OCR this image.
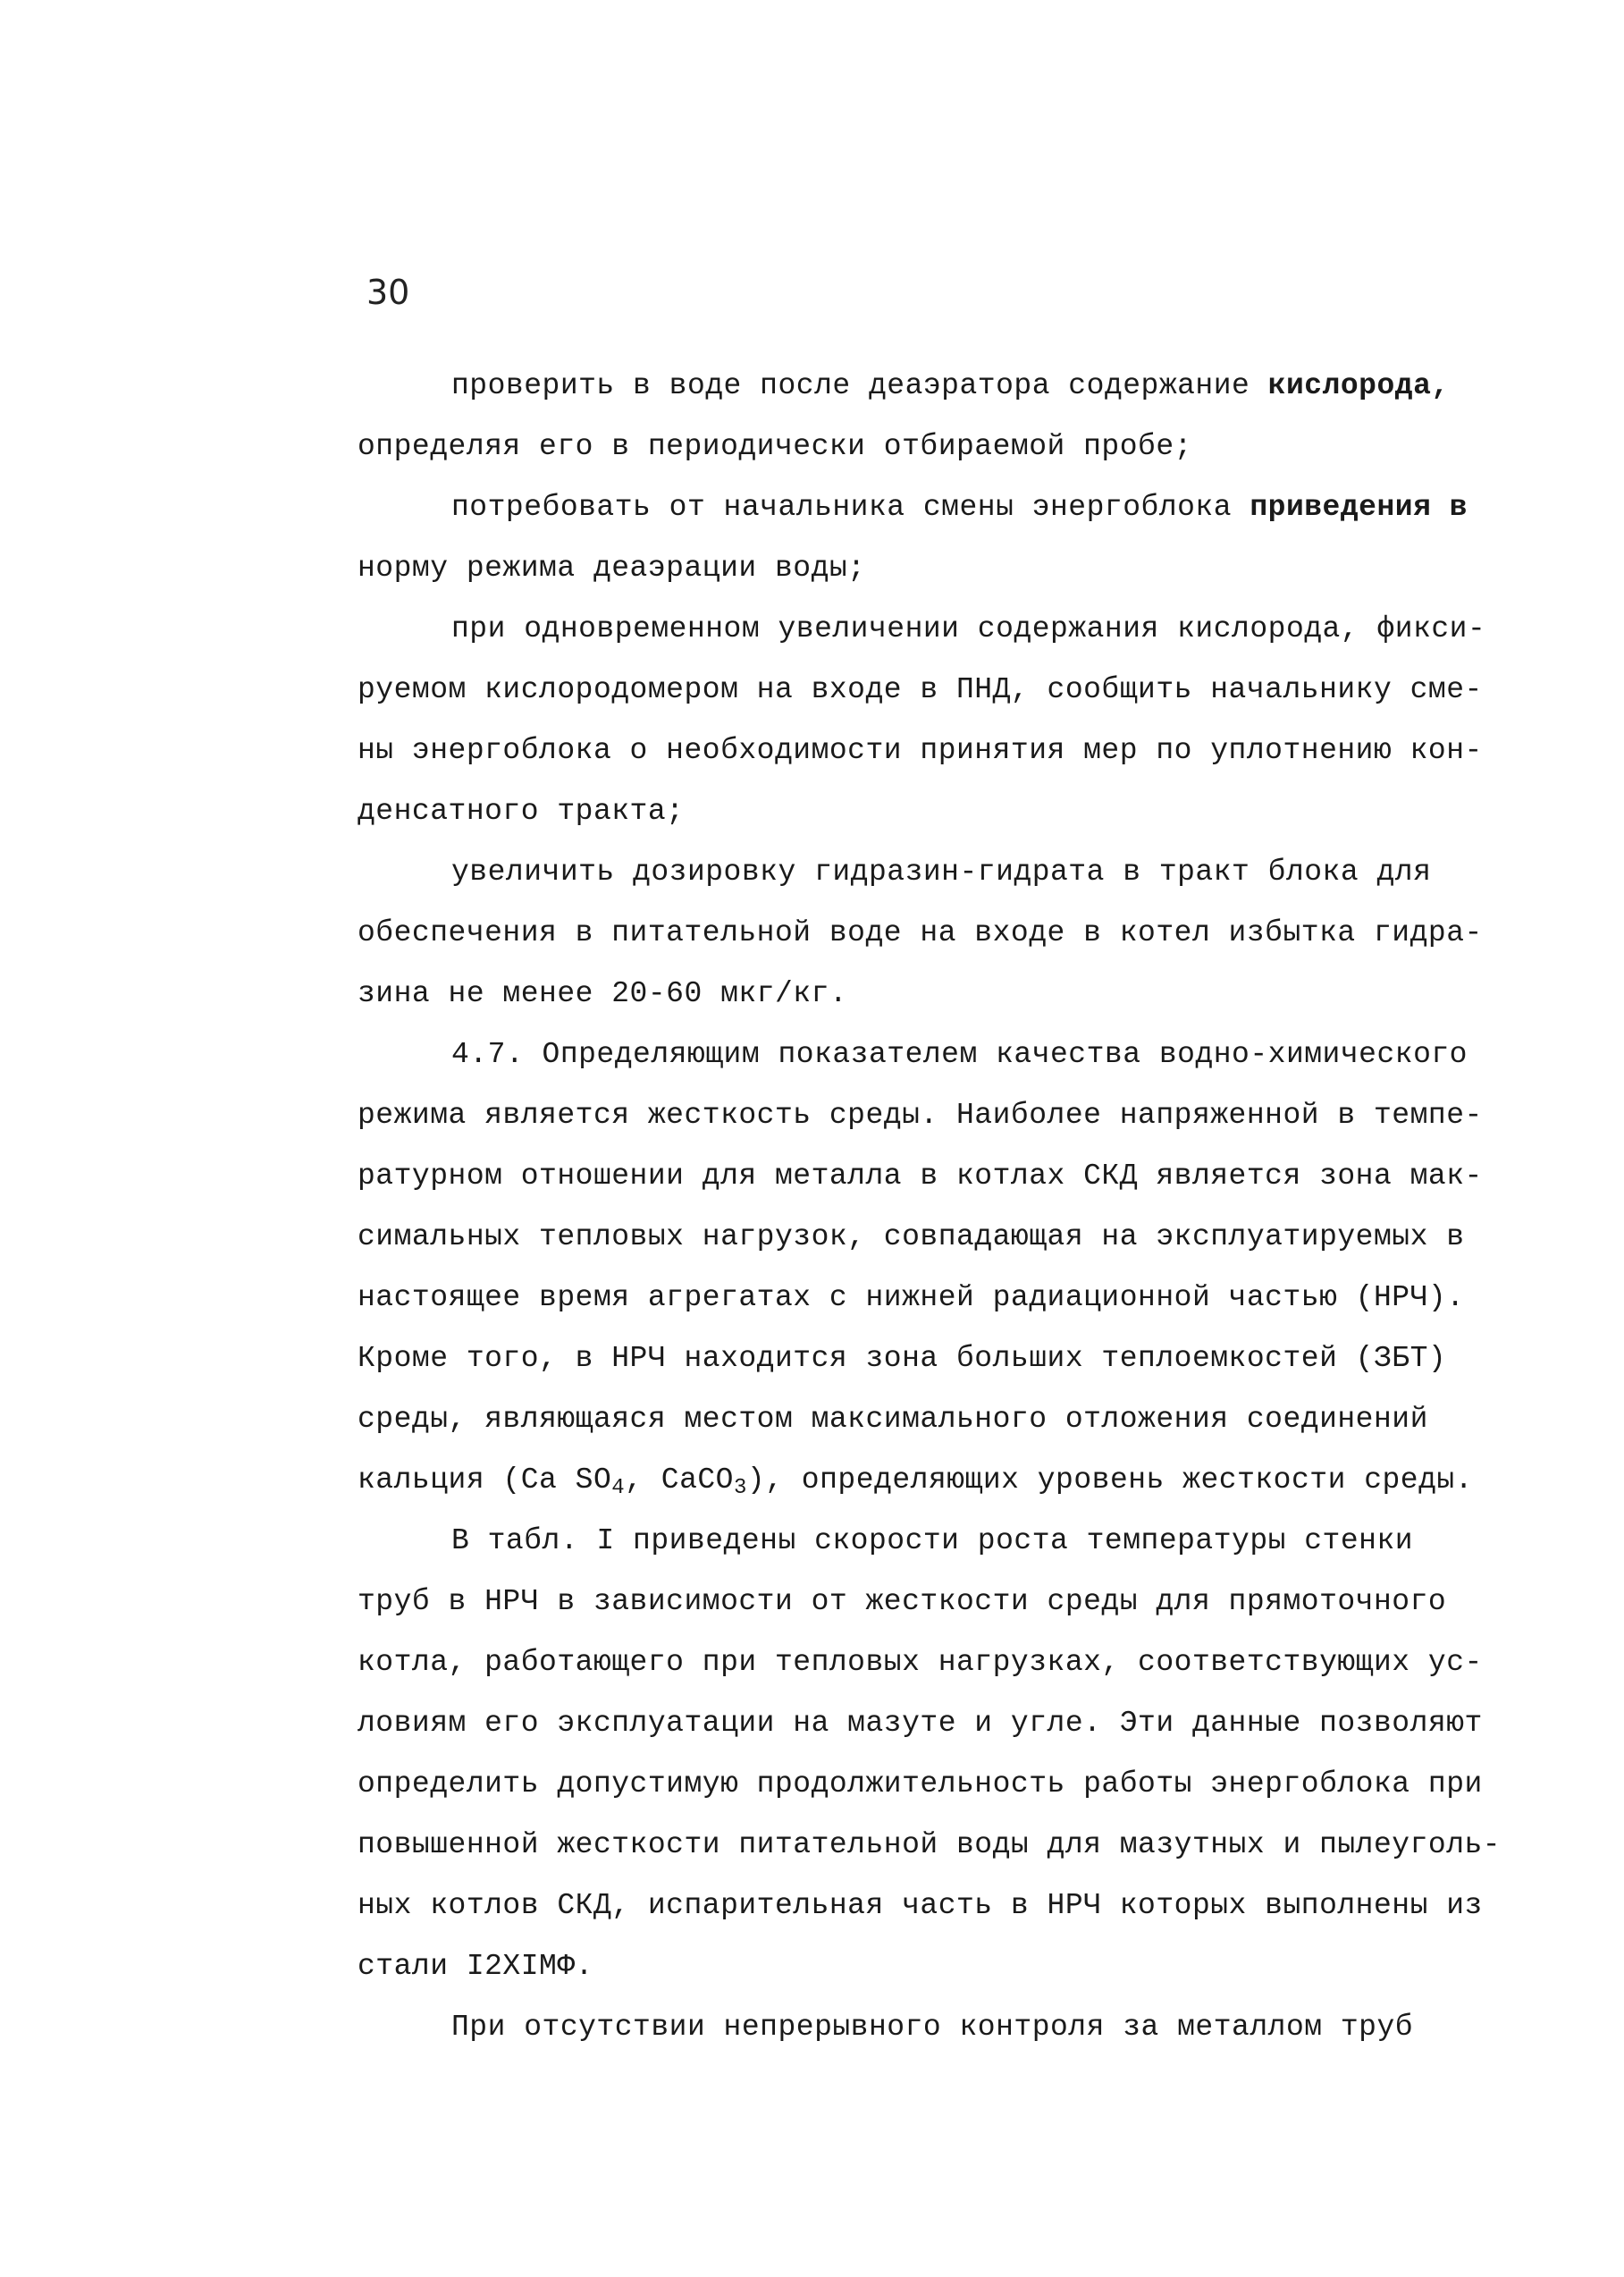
30
проверить в воде после деаэратора содержание кислорода,
определяя его в периодически отбираемой пробе;
потребовать от начальника смены энергоблока приведения в
норму режима деаэрации воды;
при одновременном увеличении содержания кислорода, фикси-
руемом кислородомером на входе в ПНД, сообщить начальнику сме-
ны энергоблока о необходимости принятия мер по уплотнению кон-
денсатного тракта;
увеличить дозировку гидразин-гидрата в тракт блока для
обеспечения в питательной воде на входе в котел избытка гидра-
зина не менее 20-60 мкг/кг.
4.7. Определяющим показателем качества водно-химического
режима является жесткость среды. Наиболее напряженной в темпе-
ратурном отношении для металла в котлах СКД является зона мак-
симальных тепловых нагрузок, совпадающая на эксплуатируемых в
настоящее время агрегатах с нижней радиационной частью (НРЧ).
Кроме того, в НРЧ находится зона больших теплоемкостей (ЗБТ)
среды, являющаяся местом максимального отложения соединений
кальция (Ca $SO_4$, CaCO$_3$), определяющих уровень жесткости среды.
В табл. I приведены скорости роста температуры стенки
труб в НРЧ в зависимости от жесткости среды для прямоточного
котла, работающего при тепловых нагрузках, соответствующих ус-
ловиям его эксплуатации на мазуте и угле. Эти данные позволяют
определить допустимую продолжительность работы энергоблока при
повышенной жесткости питательной воды для мазутных и пылеуголь-
ных котлов СКД, испарительная часть в НРЧ которых выполнены из
стали I2XIМФ.
При отсутствии непрерывного контроля за металлом труб
